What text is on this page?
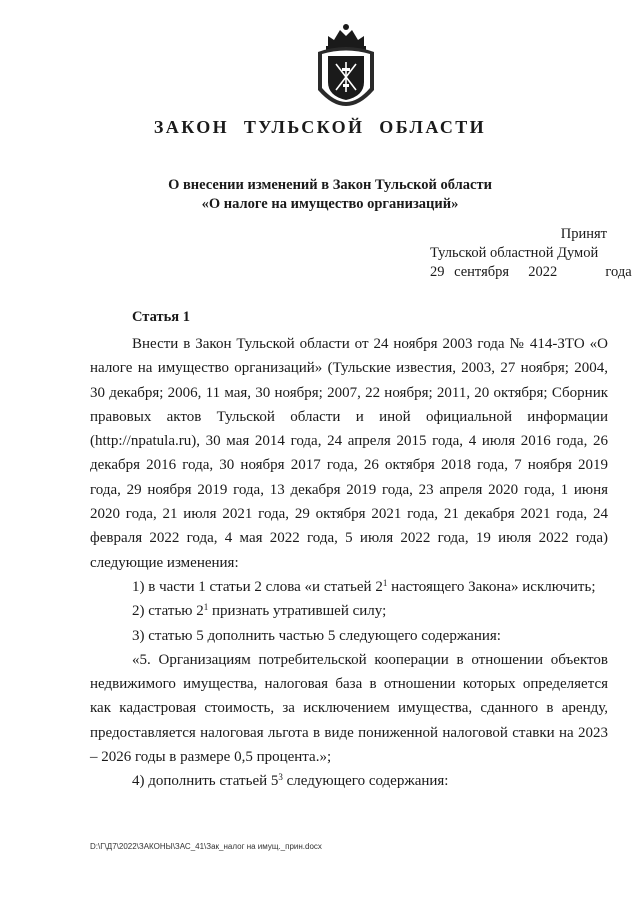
ЗАКОН ТУЛЬСКОЙ ОБЛАСТИ
О внесении изменений в Закон Тульской области
«О налоге на имущество организаций»
Принят
Тульской областной Думой
29 сентября  2022     года
Статья 1

Внести в Закон Тульской области от 24 ноября 2003 года № 414-ЗТО «О налоге на имущество организаций» (Тульские известия, 2003, 27 ноября; 2004, 30 декабря; 2006, 11 мая, 30 ноября; 2007, 22 ноября; 2011, 20 октября; Сборник правовых актов Тульской области и иной официальной информации (http://npatula.ru), 30 мая 2014 года, 24 апреля 2015 года, 4 июля 2016 года, 26 декабря 2016 года, 30 ноября 2017 года, 26 октября 2018 года, 7 ноября 2019 года, 29 ноября 2019 года, 13 декабря 2019 года, 23 апреля 2020 года, 1 июня 2020 года, 21 июля 2021 года, 29 октября 2021 года, 21 декабря 2021 года, 24 февраля 2022 года, 4 мая 2022 года, 5 июля 2022 года, 19 июля 2022 года) следующие изменения:

1) в части 1 статьи 2 слова «и статьей $2^1$ настоящего Закона» исключить;

2) статью $2^1$ признать утратившей силу;

3) статью 5 дополнить частью 5 следующего содержания:

«5. Организациям потребительской кооперации в отношении объектов недвижимого имущества, налоговая база в отношении которых определяется как кадастровая стоимость, за исключением имущества, сданного в аренду, предоставляется налоговая льгота в виде пониженной налоговой ставки на 2023 – 2026 годы в размере 0,5 процента.»;

4) дополнить статьей $5^3$ следующего содержания:

D:\Г\Д7\2022\ЗАКОНЫ\ЗАС_41\Зак_налог на имущ._прин.docx
